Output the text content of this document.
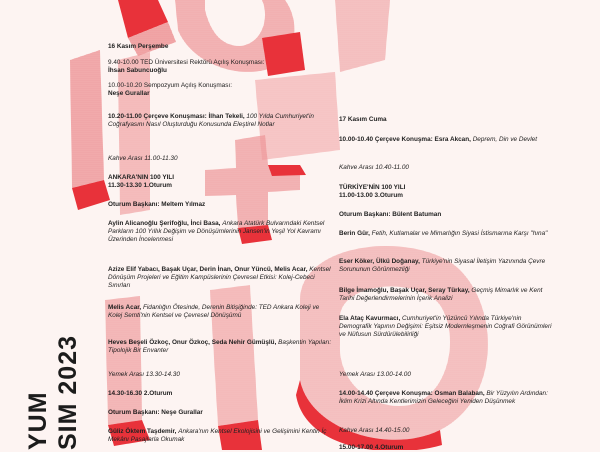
YUM SIM 2023
16 Kasım Perşembe
9.40-10.00 TED Üniversitesi Rektörü Açılış Konuşması:
İhsan Sabuncuoğlu
10.00-10.20 Sempozyum Açılış Konuşması:
Neşe Gurallar
10.20-11.00 Çerçeve Konuşması: İlhan Tekeli, 100 Yılda Cumhuriyet'in Coğrafyasını Nasıl Oluşturduğu Konusunda Eleştirel Notlar
Kahve Arası 11.00-11.30
ANKARA'NIN 100 YILI
11.30-13.30 1.Oturum
Oturum Başkanı: Meltem Yılmaz
Aylin Alicanoğlu Şerifoğlu, İnci Basa, Ankara Atatürk Bulvarındaki Kentsel Parkların 100 Yıllık Değişim ve Dönüşümlerinin Jansen'in Yeşil Yol Kavramı Üzerinden İncelenmesi
Azize Elif Yabacı, Başak Uçar, Derin İnan, Onur Yüncü, Melis Acar, Kentsel Dönüşüm Projeleri ve Eğitim Kampüslerinin Çevresel Etkisi: Kolej-Cebeci Sınırları
Melis Acar, Fidanlığın Ötesinde, Derenin Bitişiğinde: TED Ankara Koleji ve Kolej Semti'nin Kentsel ve Çevresel Dönüşümü
Heves Beşeli Özkoç, Onur Özkoç, Seda Nehir Gümüşlü, Başkentin Yapıları: Tipolojik Bir Envanter
Yemek Arası 13.30-14.30
14.30-16.30 2.Oturum
Oturum Başkanı: Neşe Gurallar
Güliz Öktem Taşdemir, Ankara'nın Kentsel Ekolojisini ve Gelişimini Kentin İç Mekânı Pasajlarla Okumak
17 Kasım Cuma
10.00-10.40 Çerçeve Konuşma: Esra Akcan, Deprem, Din ve Devlet
Kahve Arası 10.40-11.00
TÜRKİYE'NİN 100 YILI
11.00-13.00 3.Oturum
Oturum Başkanı: Bülent Batuman
Berin Gür, Fetih, Kutlamalar ve Mimarlığın Siyasi İstismarına Karşı "hına"
Eser Köker, Ülkü Doğanay, Türkiye'nin Siyasal İletişim Yazınında Çevre Sorununun Görünmezliği
Bilge İmamoğlu, Başak Uçar, Seray Türkay, Geçmiş Mimarlık ve Kent Tarihi Değerlendirmelerinin İçerik Analizi
Ela Ataç Kavurmacı, Cumhuriyet'in Yüzüncü Yılında Türkiye'nin Demografik Yapının Değişimi: Eşitsiz Modernleşmenin Coğrafi Görünümleri ve Nüfusun Sürdürülebilirliği
Yemek Arası 13.00-14.00
14.00-14.40 Çerçeve Konuşma: Osman Balaban, Bir Yüzyılın Ardından: İklim Krizi Altında Kentlerimizin Geleceğini Yeniden Düşünmek
Kahve Arası 14.40-15.00
15.00-17.00 4.Oturum
